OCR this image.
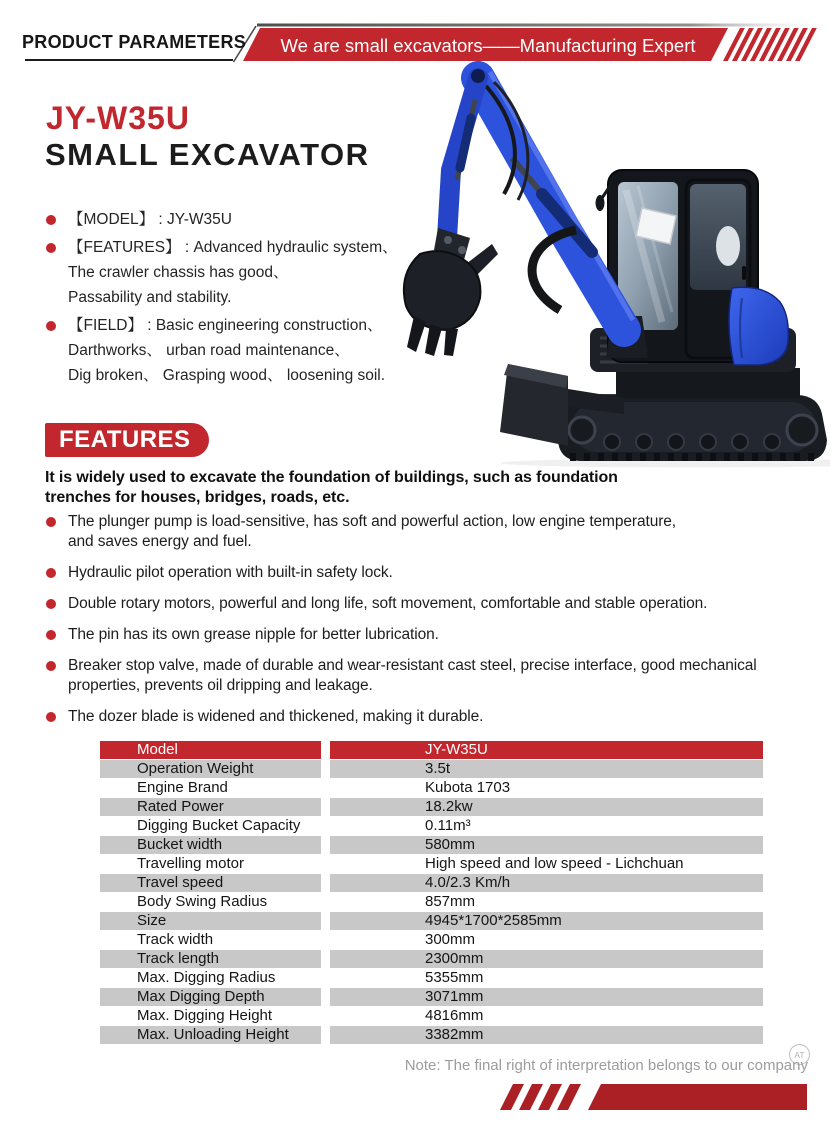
PRODUCT PARAMETERS	We are small excavators——Manufacturing Expert
JY-W35U
SMALL EXCAVATOR
【MODEL】 : JY-W35U
【FEATURES】 : Advanced hydraulic system、
The crawler chassis has good、
Passability and stability.
【FIELD】 : Basic engineering construction、
Darthworks、 urban road maintenance、
Dig broken、 Grasping wood、 loosening soil.
FEATURES
It is widely used to excavate the foundation of buildings, such as foundation
trenches for houses, bridges, roads, etc.
The plunger pump is load-sensitive, has soft and powerful action, low engine temperature,
and saves energy and fuel.
Hydraulic pilot operation with built-in safety lock.
Double rotary motors, powerful and long life, soft movement, comfortable and stable operation.
The pin has its own grease nipple for better lubrication.
Breaker stop valve, made of durable and wear-resistant cast steel, precise interface, good mechanical
properties, prevents oil dripping and leakage.
The dozer blade is widened and thickened, making it durable.
Model
Operation Weight
Engine Brand
Rated Power
Digging Bucket Capacity
Bucket width
Travelling motor
Travel speed
Body Swing Radius
Size
Track width
Track length
Max. Digging Radius
Max Digging Depth
Max. Digging Height
Max. Unloading Height
JY-W35U
3.5t
Kubota 1703
18.2kw
0.11m³
580mm
High speed and low speed - Lichchuan
4.0/2.3 Km/h
857mm
4945*1700*2585mm
300mm
2300mm
5355mm
3071mm
4816mm
3382mm
AT
Note: The final right of interpretation belongs to our company
